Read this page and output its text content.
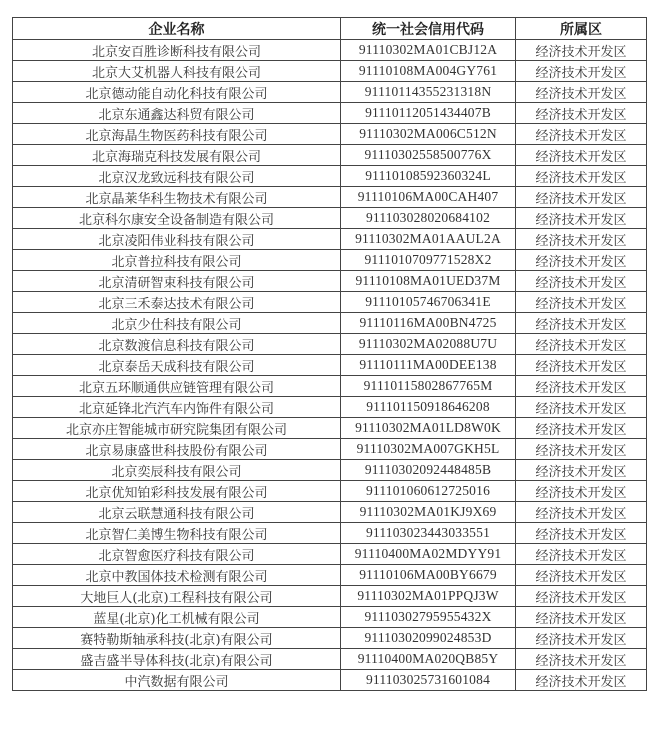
企业名称	统一社会信用代码	所属区
北京安百胜诊断科技有限公司	91110302MA01CBJ12A	经济技术开发区
北京大艾机器人科技有限公司	91110108MA004GY761	经济技术开发区
北京德动能自动化科技有限公司	91110114355231318N	经济技术开发区
北京东通鑫达科贸有限公司	91110112051434407B	经济技术开发区
北京海晶生物医药科技有限公司	91110302MA006C512N	经济技术开发区
北京海瑞克科技发展有限公司	91110302558500776X	经济技术开发区
北京汉龙致远科技有限公司	91110108592360324L	经济技术开发区
北京晶莱华科生物技术有限公司	91110106MA00CAH407	经济技术开发区
北京科尔康安全设备制造有限公司	911103028020684102	经济技术开发区
北京凌阳伟业科技有限公司	91110302MA01AAUL2A	经济技术开发区
北京普拉科技有限公司	9111010709771528X2	经济技术开发区
北京清研智束科技有限公司	91110108MA01UED37M	经济技术开发区
北京三禾泰达技术有限公司	91110105746706341E	经济技术开发区
北京少仕科技有限公司	91110116MA00BN4725	经济技术开发区
北京数渡信息科技有限公司	91110302MA02088U7U	经济技术开发区
北京泰岳天成科技有限公司	91110111MA00DEE138	经济技术开发区
北京五环顺通供应链管理有限公司	91110115802867765M	经济技术开发区
北京延锋北汽汽车内饰件有限公司	911101150918646208	经济技术开发区
北京亦庄智能城市研究院集团有限公司	91110302MA01LD8W0K	经济技术开发区
北京易康盛世科技股份有限公司	91110302MA007GKH5L	经济技术开发区
北京奕辰科技有限公司	91110302092448485B	经济技术开发区
北京优知铂彩科技发展有限公司	911101060612725016	经济技术开发区
北京云联慧通科技有限公司	91110302MA01KJ9X69	经济技术开发区
北京智仁美博生物科技有限公司	911103023443033551	经济技术开发区
北京智愈医疗科技有限公司	91110400MA02MDYY91	经济技术开发区
北京中教国体技术检测有限公司	91110106MA00BY6679	经济技术开发区
大地巨人(北京)工程科技有限公司	91110302MA01PPQJ3W	经济技术开发区
蓝星(北京)化工机械有限公司	91110302795955432X	经济技术开发区
赛特勒斯轴承科技(北京)有限公司	91110302099024853D	经济技术开发区
盛吉盛半导体科技(北京)有限公司	91110400MA020QB85Y	经济技术开发区
中汽数据有限公司	911103025731601084	经济技术开发区
